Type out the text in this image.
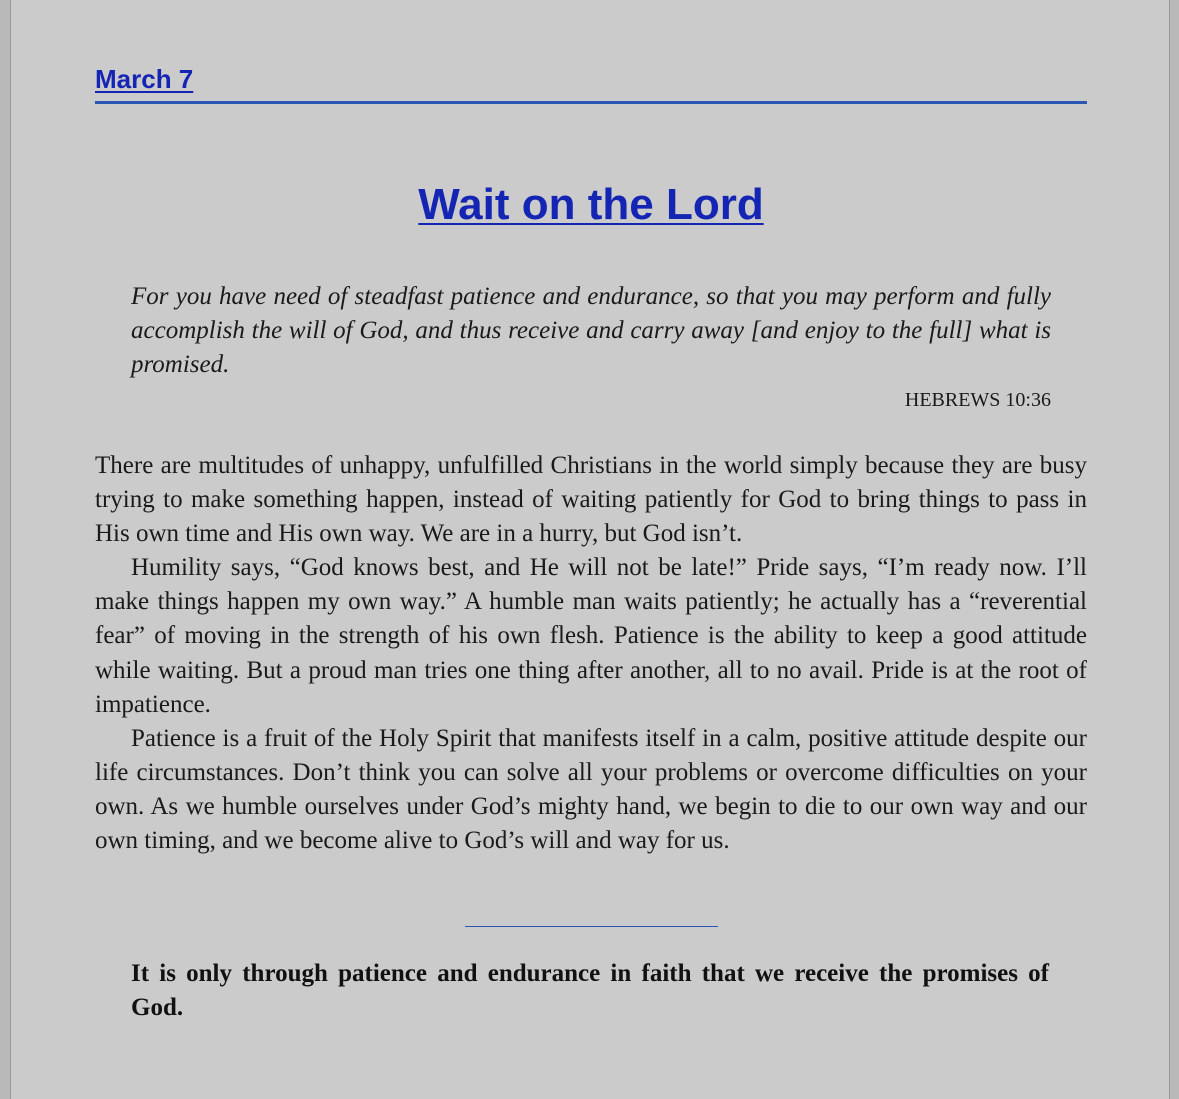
March 7
Wait on the Lord
For you have need of steadfast patience and endurance, so that you may perform and fully accomplish the will of God, and thus receive and carry away [and enjoy to the full] what is promised.
HEBREWS 10:36

There are multitudes of unhappy, unfulfilled Christians in the world simply because they are busy trying to make something happen, instead of waiting patiently for God to bring things to pass in His own time and His own way. We are in a hurry, but God isn’t.

Humility says, “God knows best, and He will not be late!” Pride says, “I’m ready now. I’ll make things happen my own way.” A humble man waits patiently; he actually has a “reverential fear” of moving in the strength of his own flesh. Patience is the ability to keep a good attitude while waiting. But a proud man tries one thing after another, all to no avail. Pride is at the root of impatience.

Patience is a fruit of the Holy Spirit that manifests itself in a calm, positive attitude despite our life circumstances. Don’t think you can solve all your problems or overcome difficulties on your own. As we humble ourselves under God’s mighty hand, we begin to die to our own way and our own timing, and we become alive to God’s will and way for us.

It is only through patience and endurance in faith that we receive the promises of God.
